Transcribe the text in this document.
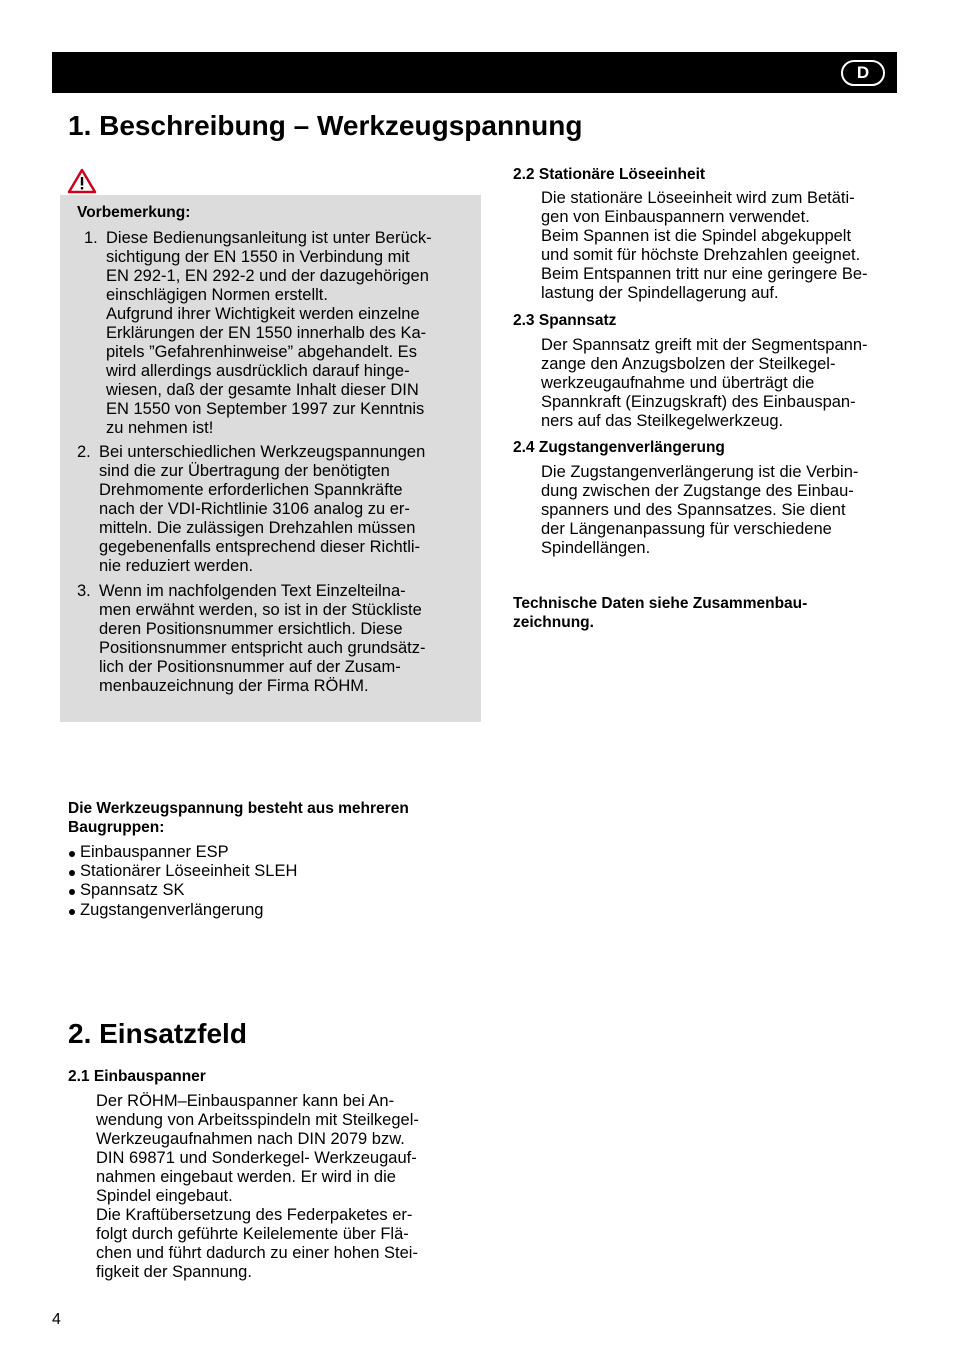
D
1. Beschreibung – Werkzeugspannung
Vorbemerkung:
1. Diese Bedienungsanleitung ist unter Berück-
sichtigung der EN 1550 in Verbindung mit
EN 292-1, EN 292-2 und der dazugehörigen
einschlägigen Normen erstellt.
Aufgrund ihrer Wichtigkeit werden einzelne
Erklärungen der EN 1550 innerhalb des Ka-
pitels ”Gefahrenhinweise” abgehandelt. Es
wird allerdings ausdrücklich darauf hinge-
wiesen, daß der gesamte Inhalt dieser DIN
EN 1550 von September 1997 zur Kenntnis
zu nehmen ist!
2. Bei unterschiedlichen Werkzeugspannungen
sind die zur Übertragung der benötigten
Drehmomente erforderlichen Spannkräfte
nach der VDI-Richtlinie 3106 analog zu er-
mitteln. Die zulässigen Drehzahlen müssen
gegebenenfalls entsprechend dieser Richtli-
nie reduziert werden.
3. Wenn im nachfolgenden Text Einzelteilna-
men erwähnt werden, so ist in der Stückliste
deren Positionsnummer ersichtlich. Diese
Positionsnummer entspricht auch grundsätz-
lich der Positionsnummer auf der Zusam-
menbauzeichnung der Firma RÖHM.
Die Werkzeugspannung besteht aus mehreren
Baugruppen:
Einbauspanner ESP
Stationärer Löseeinheit SLEH
Spannsatz SK
Zugstangenverlängerung
2. Einsatzfeld
2.1 Einbauspanner
Der RÖHM–Einbauspanner kann bei An-
wendung von Arbeitsspindeln mit Steilkegel-
Werkzeugaufnahmen nach DIN 2079 bzw.
DIN 69871 und Sonderkegel- Werkzeugauf-
nahmen eingebaut werden. Er wird in die
Spindel eingebaut.
Die Kraftübersetzung des Federpaketes er-
folgt durch geführte Keilelemente über Flä-
chen und führt dadurch zu einer hohen Stei-
figkeit der Spannung.
2.2 Stationäre Löseeinheit
Die stationäre Löseeinheit wird zum Betäti-
gen von Einbauspannern verwendet.
Beim Spannen ist die Spindel abgekuppelt
und somit für höchste Drehzahlen geeignet.
Beim Entspannen tritt nur eine geringere Be-
lastung der Spindellagerung auf.
2.3 Spannsatz
Der Spannsatz greift mit der Segmentspann-
zange den Anzugsbolzen der Steilkegel-
werkzeugaufnahme und überträgt die
Spannkraft (Einzugskraft) des Einbauspan-
ners auf das Steilkegelwerkzeug.
2.4 Zugstangenverlängerung
Die Zugstangenverlängerung ist die Verbin-
dung zwischen der Zugstange des Einbau-
spanners und des Spannsatzes. Sie dient
der Längenanpassung für verschiedene
Spindellängen.
Technische Daten siehe Zusammenbau-
zeichnung.
4
